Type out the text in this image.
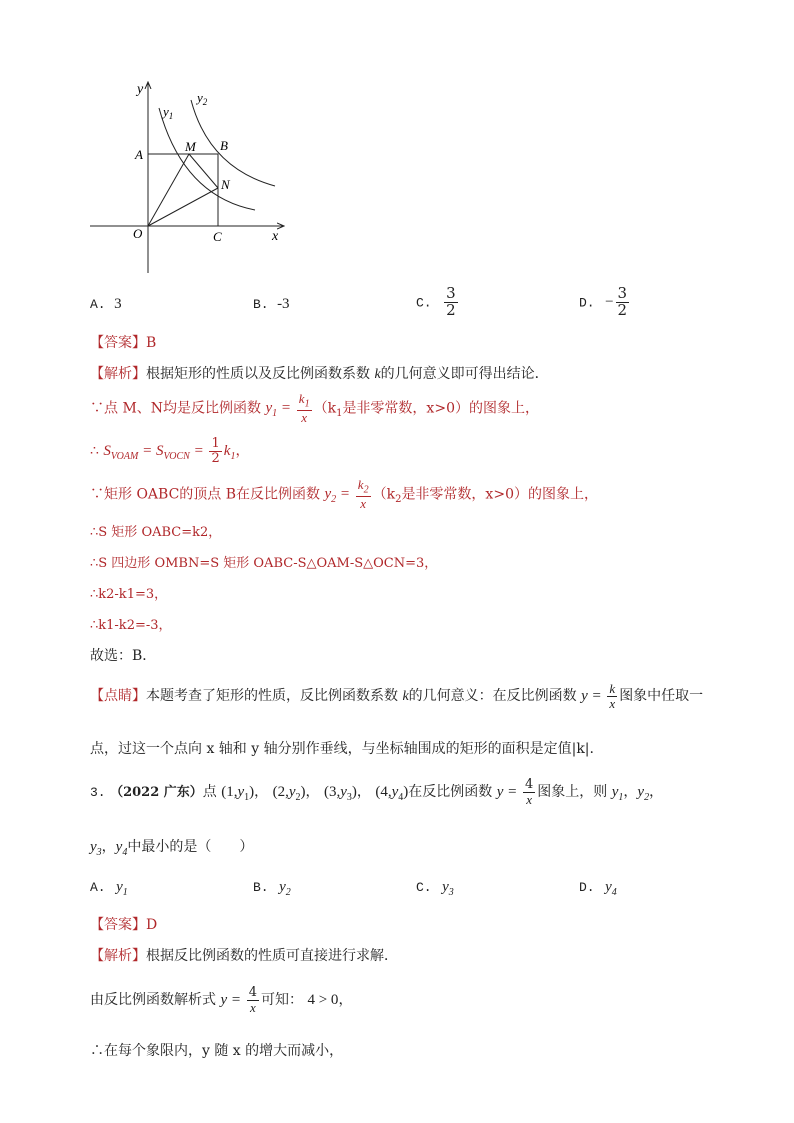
y
x
O
A
B
C
M
N
$y_1$
$y_2$
A. 3	B. -3	C. $\frac{3}{2}$	D. − $\frac{3}{2}$
【答案】B
【解析】根据矩形的性质以及反比例函数系数 k的几何意义即可得出结论．
∵点 M、N均是反比例函数 $y_1 = \frac{k_1}{x} (k_1$是非零常数，x>0）的图象上，
∴ $S_{VOAM} = S_{VOCN} = \frac{1}{2} k_1$，
∵矩形 OABC的顶点 B在反比例函数 $y_2 = \frac{k_2}{x} (k_2$是非零常数，x>0）的图象上，
∴S 矩形 OABC=k2，
∴S 四边形 OMBN=S 矩形 OABC-S△OAM-S△OCN=3，
∴k2-k1=3，
∴k1-k2=-3，
故选：B．
【点睛】本题考查了矩形的性质，反比例函数系数 k的几何意义：在反比例函数 $y = \frac{k}{x}$ 图象中任取一
点，过这一个点向 x 轴和 y 轴分别作垂线，与坐标轴围成的矩形的面积是定值|k|.
3. （2022 广东）点 $(1,y_1)$， $(2,y_2)$， $(3,y_3)$， $(4,y_4)$在反比例函数 $y = \frac{4}{x}$ 图象上，则 $y_1$，$y_2$，
$y_3$，$y_4$中最小的是（　　）
A. $y_1$	B. $y_2$	C. $y_3$	D. $y_4$
【答案】D
【解析】根据反比例函数的性质可直接进行求解．
由反比例函数解析式 $y = \frac{4}{x}$ 可知： 4 > 0，
∴在每个象限内，y 随 x 的增大而减小，
